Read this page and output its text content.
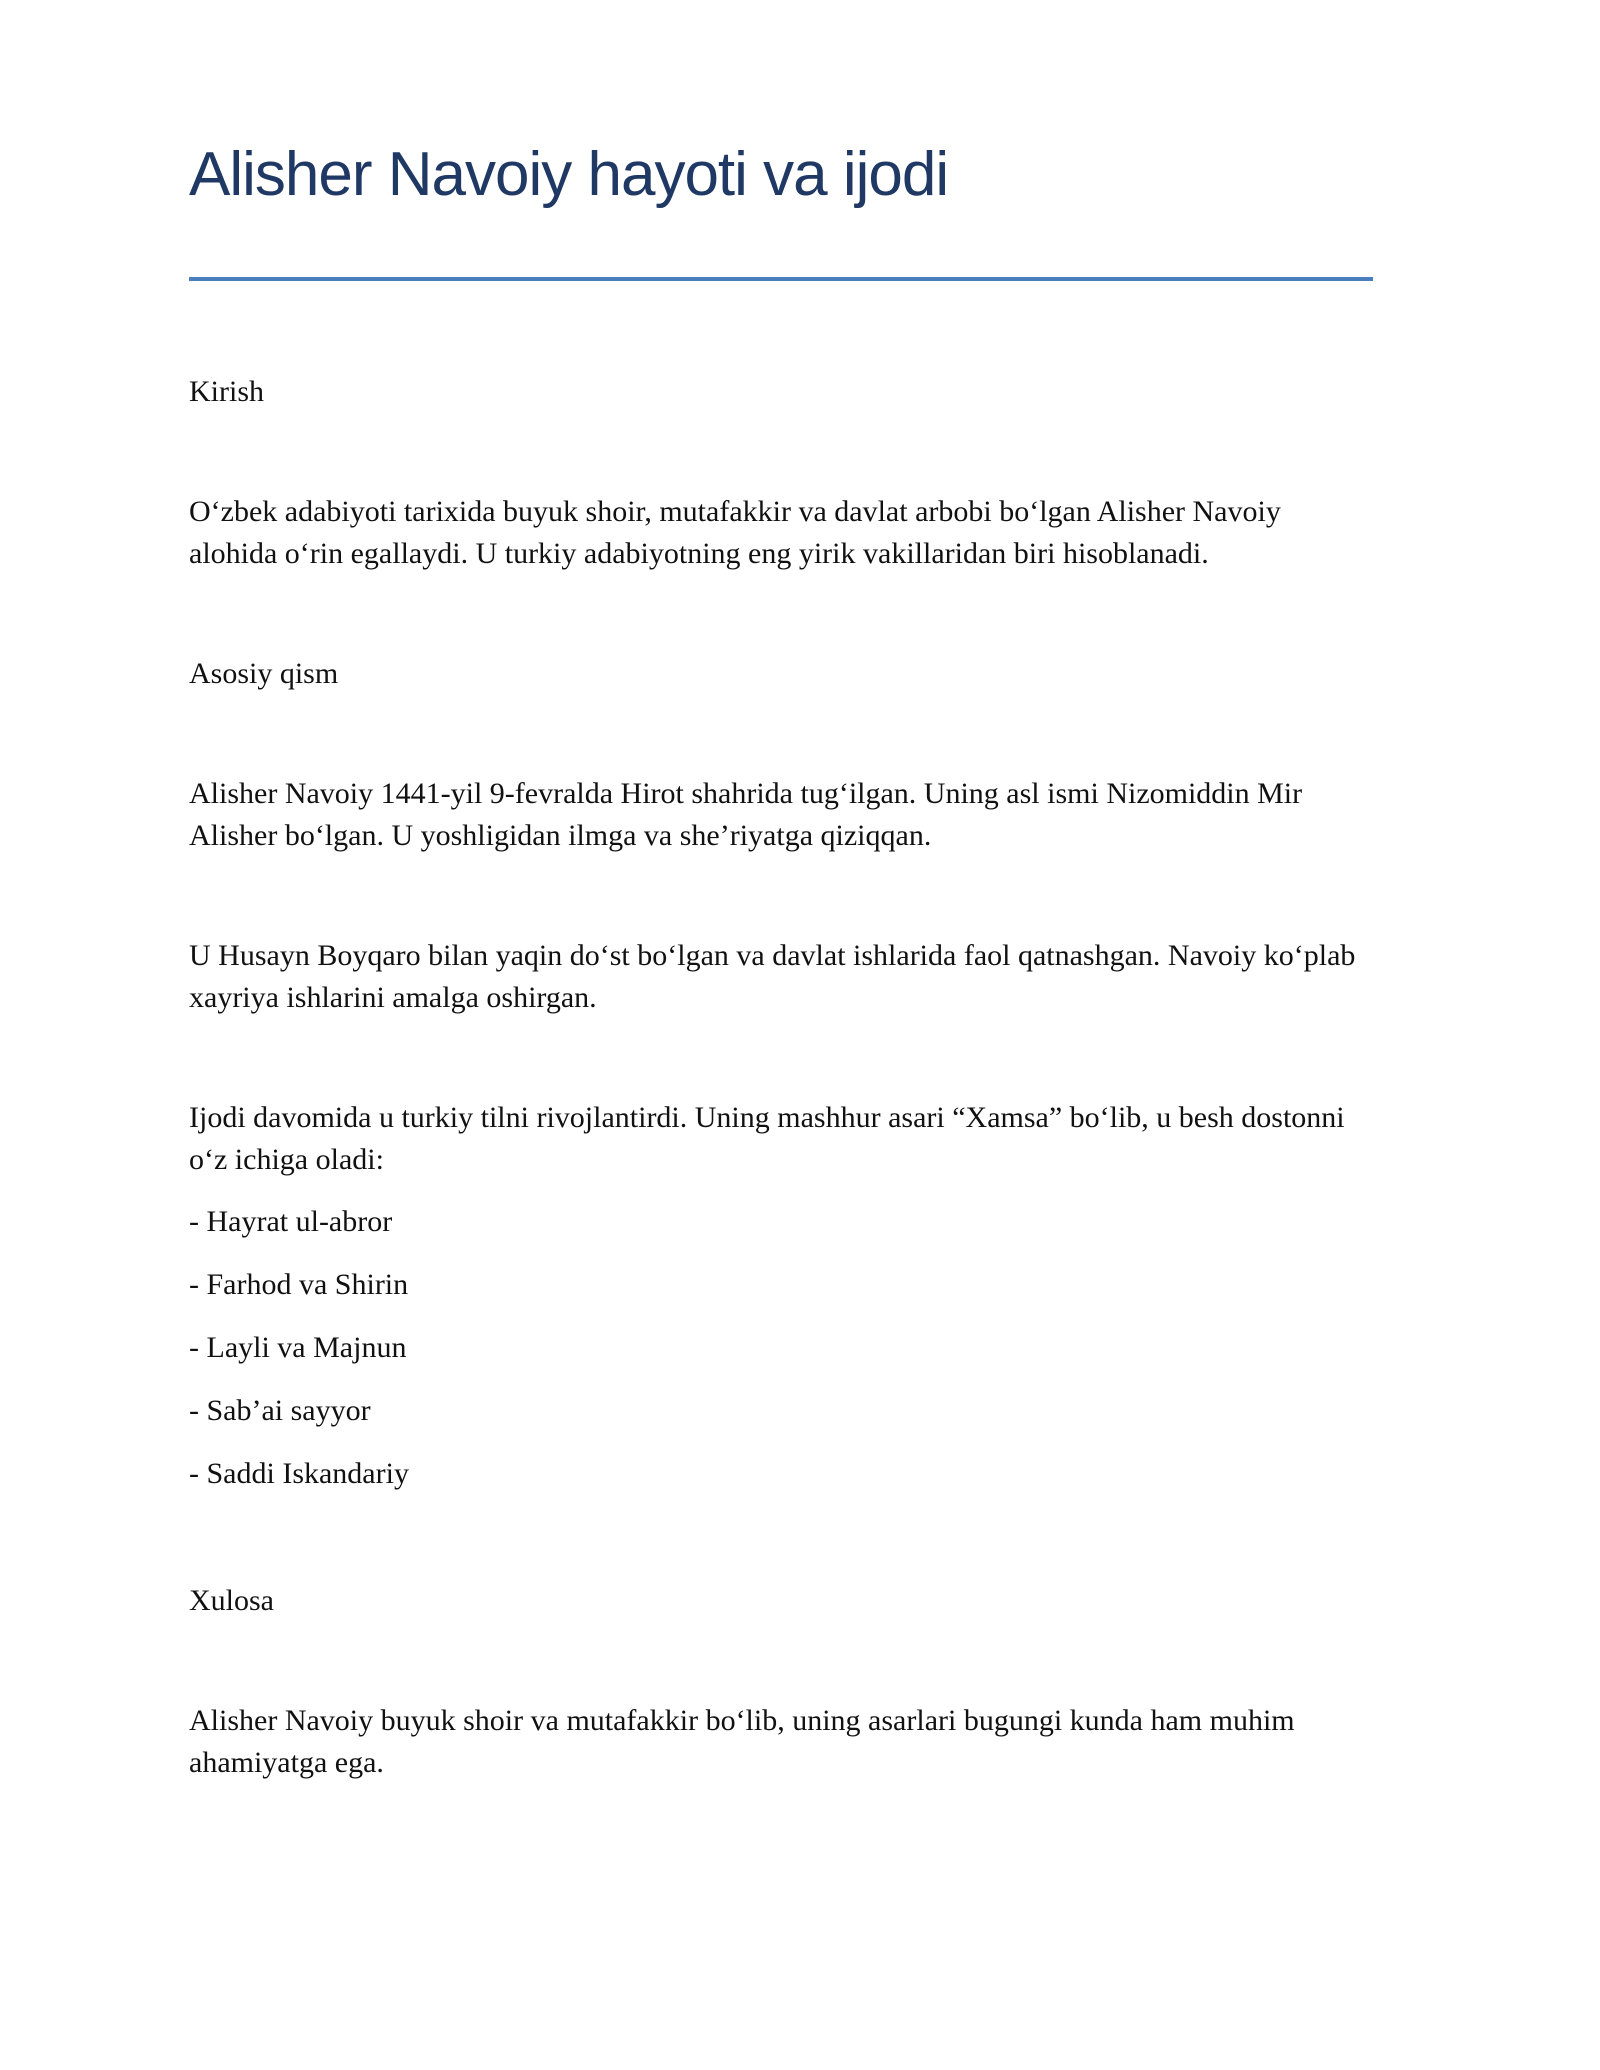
Alisher Navoiy hayoti va ijodi

Kirish

Oʻzbek adabiyoti tarixida buyuk shoir, mutafakkir va davlat arbobi boʻlgan Alisher Navoiy alohida oʻrin egallaydi. U turkiy adabiyotning eng yirik vakillaridan biri hisoblanadi.

Asosiy qism

Alisher Navoiy 1441-yil 9-fevralda Hirot shahrida tugʻilgan. Uning asl ismi Nizomiddin Mir Alisher boʻlgan. U yoshligidan ilmga va she’riyatga qiziqqan.

U Husayn Boyqaro bilan yaqin doʻst boʻlgan va davlat ishlarida faol qatnashgan. Navoiy koʻplab xayriya ishlarini amalga oshirgan.

Ijodi davomida u turkiy tilni rivojlantirdi. Uning mashhur asari “Xamsa” boʻlib, u besh dostonni oʻz ichiga oladi:

- Hayrat ul-abror
- Farhod va Shirin
- Layli va Majnun
- Sab’ai sayyor
- Saddi Iskandariy

Xulosa

Alisher Navoiy buyuk shoir va mutafakkir boʻlib, uning asarlari bugungi kunda ham muhim ahamiyatga ega.
